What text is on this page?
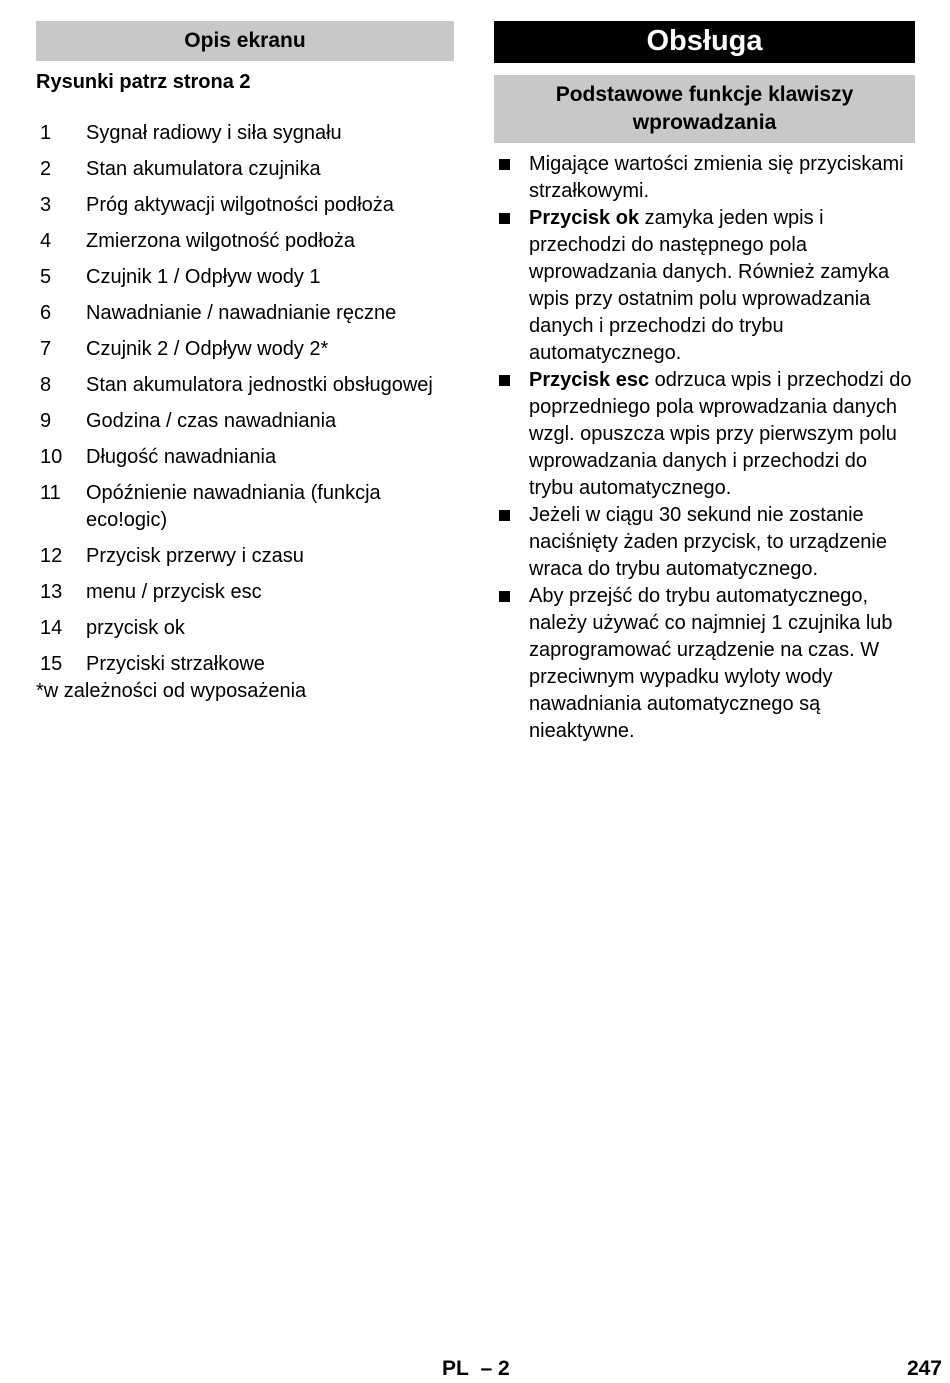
Opis ekranu
Rysunki patrz strona 2
1	Sygnał radiowy i siła sygnału
2	Stan akumulatora czujnika
3	Próg aktywacji wilgotności podłoża
4	Zmierzona wilgotność podłoża
5	Czujnik 1 / Odpływ wody 1
6	Nawadnianie / nawadnianie ręczne
7	Czujnik 2 / Odpływ wody 2*
8	Stan akumulatora jednostki obsługowej
9	Godzina / czas nawadniania
10	Długość nawadniania
11	Opóźnienie nawadniania (funkcja eco!ogic)
12	Przycisk przerwy i czasu
13	menu / przycisk esc
14	przycisk ok
15	Przyciski strzałkowe
*w zależności od wyposażenia
Obsługa
Podstawowe funkcje klawiszy wprowadzania
Migające wartości zmienia się przyciskami strzałkowymi.
Przycisk ok zamyka jeden wpis i przechodzi do następnego pola wprowadzania danych. Również zamyka wpis przy ostatnim polu wprowadzania danych i przechodzi do trybu automatycznego.
Przycisk esc odrzuca wpis i przechodzi do poprzedniego pola wprowadzania danych wzgl. opuszcza wpis przy pierwszym polu wprowadzania danych i przechodzi do trybu automatycznego.
Jeżeli w ciągu 30 sekund nie zostanie naciśnięty żaden przycisk, to urządzenie wraca do trybu automatycznego.
Aby przejść do trybu automatycznego, należy używać co najmniej 1 czujnika lub zaprogramować urządzenie na czas. W przeciwnym wypadku wyloty wody nawadniania automatycznego są nieaktywne.
PL – 2	247
